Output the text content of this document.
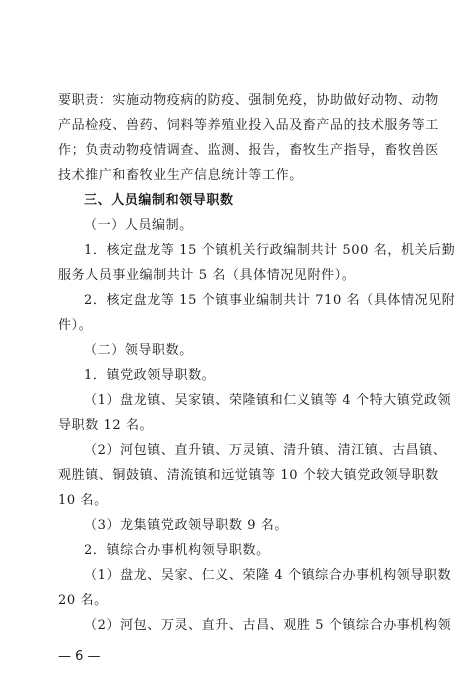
要职责：实施动物疫病的防疫、强制免疫，协助做好动物、动物
产品检疫、兽药、饲料等养殖业投入品及畜产品的技术服务等工
作；负责动物疫情调查、监测、报告，畜牧生产指导，畜牧兽医
技术推广和畜牧业生产信息统计等工作。
三、人员编制和领导职数
（一）人员编制。
1．核定盘龙等 15 个镇机关行政编制共计 500 名，机关后勤
服务人员事业编制共计 5 名（具体情况见附件）。
2．核定盘龙等 15 个镇事业编制共计 710 名（具体情况见附
件）。
（二）领导职数。
1．镇党政领导职数。
（1）盘龙镇、吴家镇、荣隆镇和仁义镇等 4 个特大镇党政领
导职数 12 名。
（2）河包镇、直升镇、万灵镇、清升镇、清江镇、古昌镇、
观胜镇、铜鼓镇、清流镇和远觉镇等 10 个较大镇党政领导职数
10 名。
（3）龙集镇党政领导职数 9 名。
2．镇综合办事机构领导职数。
（1）盘龙、吴家、仁义、荣隆 4 个镇综合办事机构领导职数
20 名。
（2）河包、万灵、直升、古昌、观胜 5 个镇综合办事机构领
— 6 —
